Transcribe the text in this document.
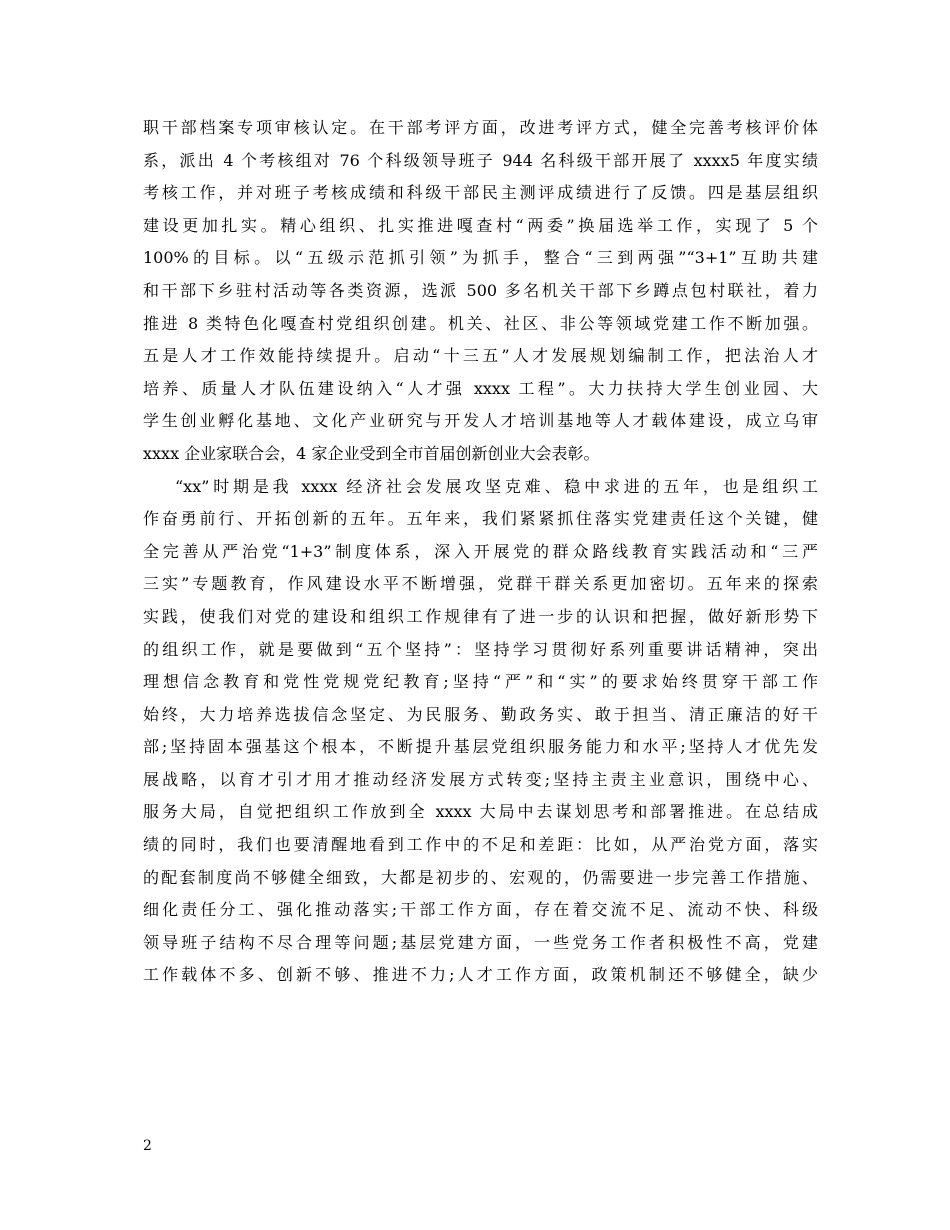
职干部档案专项审核认定。在干部考评方面，改进考评方式，健全完善考核评价体
系，派出 4 个考核组对 76 个科级领导班子 944 名科级干部开展了 xxxx5 年度实绩
考核工作，并对班子考核成绩和科级干部民主测评成绩进行了反馈。四是基层组织
建设更加扎实。精心组织、扎实推进嘎查村“两委”换届选举工作，实现了 5 个
100%的目标。以“五级示范抓引领”为抓手，整合“三到两强”“3+1”互助共建
和干部下乡驻村活动等各类资源，选派 500 多名机关干部下乡蹲点包村联社，着力
推进 8 类特色化嘎查村党组织创建。机关、社区、非公等领域党建工作不断加强。
五是人才工作效能持续提升。启动“十三五”人才发展规划编制工作，把法治人才
培养、质量人才队伍建设纳入“人才强 xxxx 工程”。大力扶持大学生创业园、大
学生创业孵化基地、文化产业研究与开发人才培训基地等人才载体建设，成立乌审
xxxx 企业家联合会，4 家企业受到全市首届创新创业大会表彰。
“xx”时期是我 xxxx 经济社会发展攻坚克难、稳中求进的五年，也是组织工
作奋勇前行、开拓创新的五年。五年来，我们紧紧抓住落实党建责任这个关键，健
全完善从严治党“1+3”制度体系，深入开展党的群众路线教育实践活动和“三严
三实”专题教育，作风建设水平不断增强，党群干群关系更加密切。五年来的探索
实践，使我们对党的建设和组织工作规律有了进一步的认识和把握，做好新形势下
的组织工作，就是要做到“五个坚持”：坚持学习贯彻好系列重要讲话精神，突出
理想信念教育和党性党规党纪教育;坚持“严”和“实”的要求始终贯穿干部工作
始终，大力培养选拔信念坚定、为民服务、勤政务实、敢于担当、清正廉洁的好干
部;坚持固本强基这个根本，不断提升基层党组织服务能力和水平;坚持人才优先发
展战略，以育才引才用才推动经济发展方式转变;坚持主责主业意识，围绕中心、
服务大局，自觉把组织工作放到全 xxxx 大局中去谋划思考和部署推进。在总结成
绩的同时，我们也要清醒地看到工作中的不足和差距：比如，从严治党方面，落实
的配套制度尚不够健全细致，大都是初步的、宏观的，仍需要进一步完善工作措施、
细化责任分工、强化推动落实;干部工作方面，存在着交流不足、流动不快、科级
领导班子结构不尽合理等问题;基层党建方面，一些党务工作者积极性不高，党建
工作载体不多、创新不够、推进不力;人才工作方面，政策机制还不够健全，缺少
2
